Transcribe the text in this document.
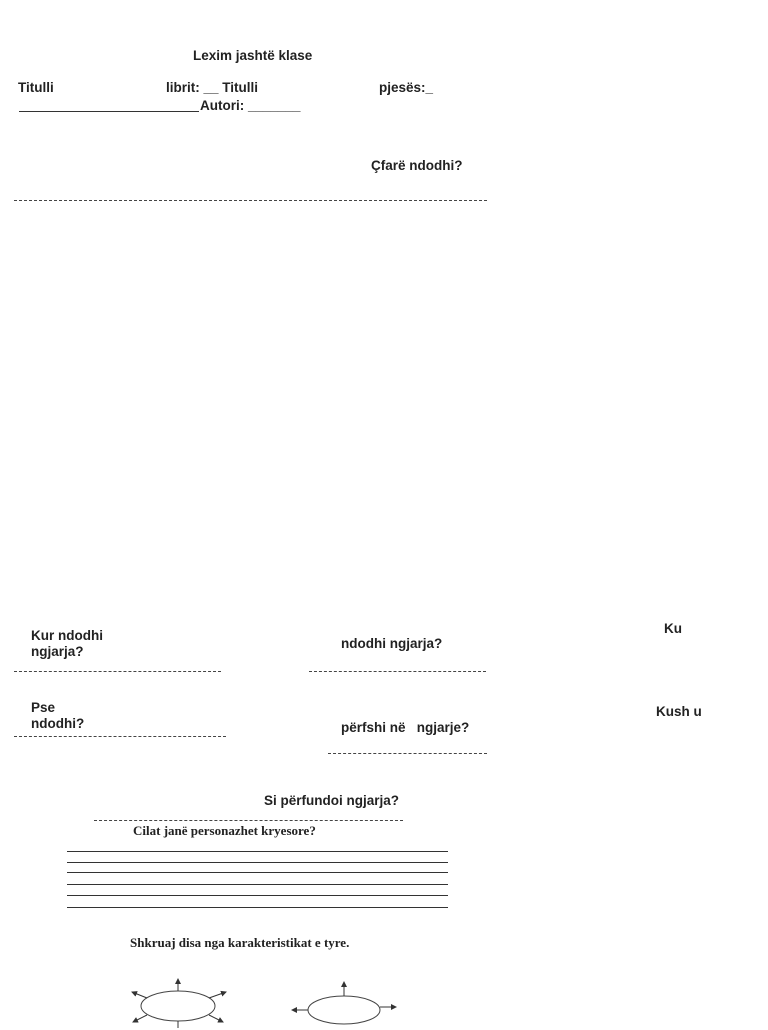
Lexim jashtë klase
Titulli	librit: __ Titulli	pjesës:_
Autori: _______
Çfarë ndodhi?
Kur ndodhi ngjarja?
Ku
ndodhi ngjarja?
Pse ndodhi?
Kush u
përfshi në   ngjarje?
Si përfundoi ngjarja?
Cilat janë personazhet kryesore?
Shkruaj disa nga karakteristikat e tyre.
